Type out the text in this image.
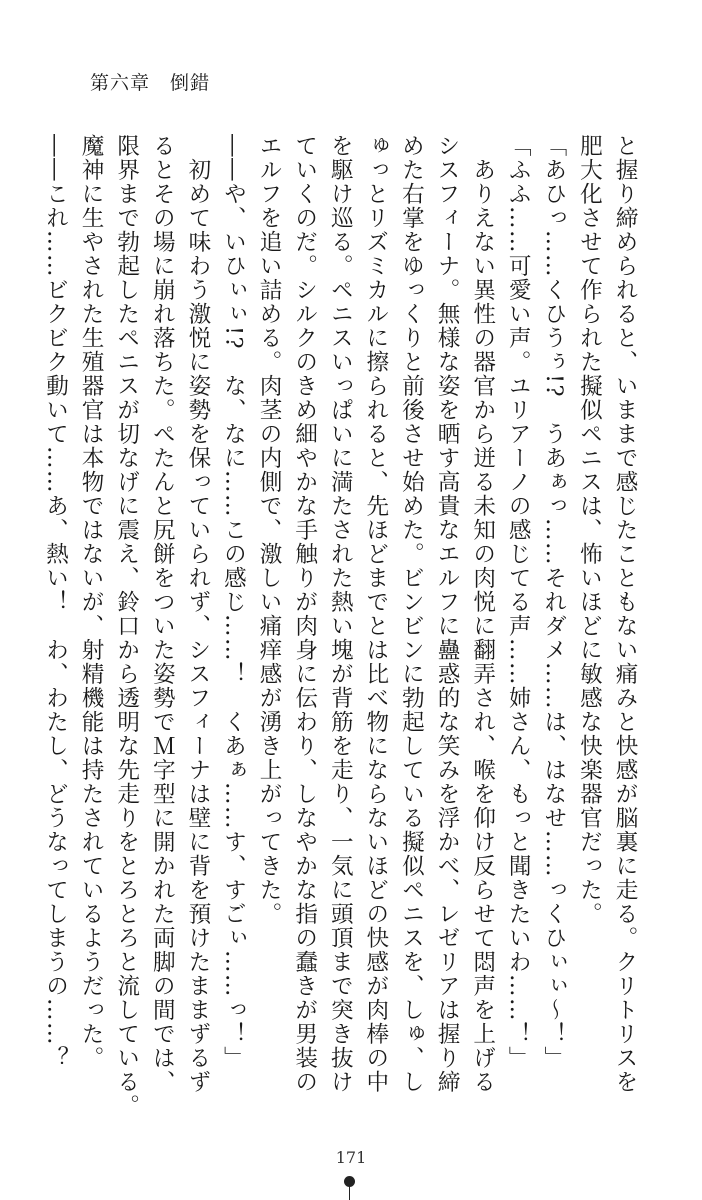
第六章　倒錯

と握り締められると、いままで感じたこともない痛みと快感が脳裏に走る。クリトリスを

肥大化させて作られた擬似ペニスは、怖いほどに敏感な快楽器官だった。

「あひっ……くひうぅ!?　うあぁっ……それダメ……は、はなせ……っくひぃぃ〜！」

「ふふ……可愛い声。ユリアーノの感じてる声……姉さん、もっと聞きたいわ……！」

　ありえない異性の器官から迸る未知の肉悦に翻弄され、喉を仰け反らせて悶声を上げる

シスフィーナ。無様な姿を晒す高貴なエルフに蠱惑的な笑みを浮かべ、レゼリアは握り締

めた右掌をゆっくりと前後させ始めた。ビンビンに勃起している擬似ペニスを、しゅ、し

ゅっとリズミカルに擦られると、先ほどまでとは比べ物にならないほどの快感が肉棒の中

を駆け巡る。ペニスいっぱいに満たされた熱い塊が背筋を走り、一気に頭頂まで突き抜け

ていくのだ。シルクのきめ細やかな手触りが肉身に伝わり、しなやかな指の蠢きが男装の

エルフを追い詰める。肉茎の内側で、激しい痛痒感が湧き上がってきた。

――や、いひぃぃ!?　な、なに……この感じ……！　くあぁ……す、すごぃ……っ！」

　初めて味わう激悦に姿勢を保っていられず、シスフィーナは壁に背を預けたままずるず

るとその場に崩れ落ちた。ぺたんと尻餅をついた姿勢でＭ字型に開かれた両脚の間では、

限界まで勃起したペニスが切なげに震え、鈴口から透明な先走りをとろとろと流している。

魔神に生やされた生殖器官は本物ではないが、射精機能は持たされているようだった。

――これ……ビクビク動いて……あ、熱い！　わ、わたし、どうなってしまうの……？

171
